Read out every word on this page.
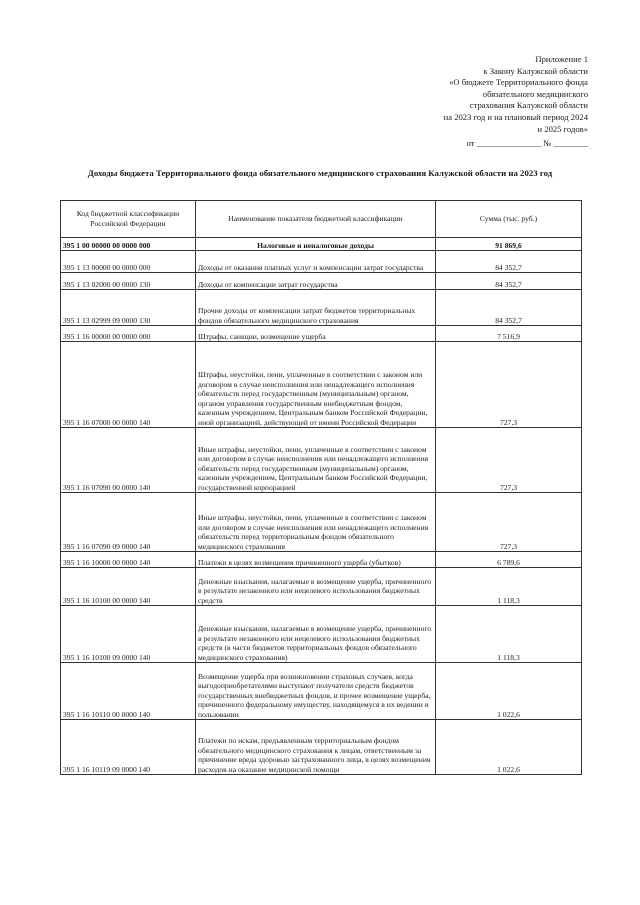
Приложение 1
к Закону Калужской области
«О бюджете Территориального фонда
обязательного медицинского
страхования Калужской области
на 2023 год и на плановый период 2024
и 2025 годов»
от _______________ № ________
Доходы бюджета Территориального фонда обязательного медицинского страхования Калужской области на 2023 год
Код бюджетной классификации Российской Федерации	Наименование показателя бюджетной классификации	Сумма (тыс. руб.)
395 1 00 00000 00 0000 000	Налоговые и неналоговые доходы	91 869,6
395 1 13 00000 00 0000 000	Доходы от оказания платных услуг и компенсации затрат государства	84 352,7
395 1 13 02000 00 0000 130	Доходы от компенсации затрат государства	84 352,7
395 1 13 02999 09 0000 130	Прочие доходы от компенсации затрат бюджетов территориальных фондов обязательного медицинского страхования	84 352,7
395 1 16 00000 00 0000 000	Штрафы, санкции, возмещение ущерба	7 516,9
395 1 16 07000 00 0000 140	Штрафы, неустойки, пени, уплаченные в соответствии с законом или договором в случае неисполнения или ненадлежащего исполнения обязательств перед государственным (муниципальным) органом, органом управления государственным внебюджетным фондом, казенным учреждением, Центральным банком Российской Федерации, иной организацией, действующей от имени Российской Федерации	727,3
395 1 16 07090 00 0000 140	Иные штрафы, неустойки, пени, уплаченные в соответствии с законом или договором в случае неисполнения или ненадлежащего исполнения обязательств перед государственным (муниципальным) органом, казенным учреждением, Центральным банком Российской Федерации, государственной корпорацией	727,3
395 1 16 07090 09 0000 140	Иные штрафы, неустойки, пени, уплаченные в соответствии с законом или договором в случае неисполнения или ненадлежащего исполнения обязательств перед территориальным фондом обязательного медицинского страхования	727,3
395 1 16 10000 00 0000 140	Платежи в целях возмещения причиненного ущерба (убытков)	6 789,6
395 1 16 10100 00 0000 140	Денежные взыскания, налагаемые в возмещение ущерба, причиненного в результате незаконного или нецелевого использования бюджетных средств	1 118,3
395 1 16 10100 09 0000 140	Денежные взыскания, налагаемые в возмещение ущерба, причиненного в результате незаконного или нецелевого использования бюджетных средств (в части бюджетов территориальных фондов обязательного медицинского страхования)	1 118,3
395 1 16 10110 00 0000 140	Возмещение ущерба при возникновении страховых случаев, когда выгодоприобретателями выступают получатели средств бюджетов государственных внебюджетных фондов, и прочее возмещение ущерба, причиненного федеральному имуществу, находящемуся в их ведении и пользовании	1 022,6
395 1 16 10119 09 0000 140	Платежи по искам, предъявленным территориальным фондом обязательного медицинского страхования к лицам, ответственным за причинение вреда здоровью застрахованного лица, в целях возмещения расходов на оказание медицинской помощи	1 022,6
